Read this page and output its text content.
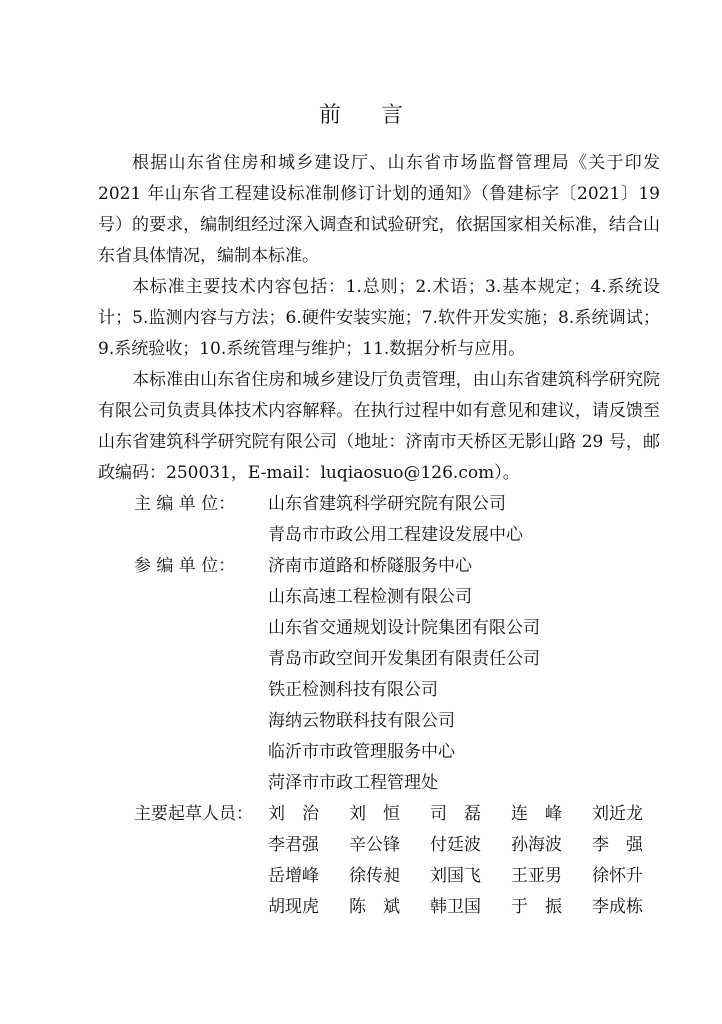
前 言
根据山东省住房和城乡建设厅、山东省市场监督管理局《关于印发2021 年山东省工程建设标准制修订计划的通知》（鲁建标字〔2021〕19 号）的要求，编制组经过深入调查和试验研究，依据国家相关标准，结合山东省具体情况，编制本标准。
本标准主要技术内容包括：1.总则；2.术语；3.基本规定；4.系统设计；5.监测内容与方法；6.硬件安装实施；7.软件开发实施；8.系统调试；9.系统验收；10.系统管理与维护；11.数据分析与应用。
本标准由山东省住房和城乡建设厅负责管理，由山东省建筑科学研究院有限公司负责具体技术内容解释。在执行过程中如有意见和建议，请反馈至山东省建筑科学研究院有限公司（地址：济南市天桥区无影山路 29 号，邮政编码：250031，E-mail：luqiaosuo@126.com）。
主 编 单 位：	山东省建筑科学研究院有限公司
青岛市市政公用工程建设发展中心
参 编 单 位：	济南市道路和桥隧服务中心
山东高速工程检测有限公司
山东省交通规划设计院集团有限公司
青岛市政空间开发集团有限责任公司
铁正检测科技有限公司
海纳云物联科技有限公司
临沂市市政管理服务中心
菏泽市市政工程管理处
主要起草人员： 刘　治	刘　恒	司　磊	连　峰	刘近龙
李君强	辛公锋	付廷波	孙海波	李　强
岳增峰	徐传昶	刘国飞	王亚男	徐怀升
胡现虎	陈　斌	韩卫国	于　振	李成栋
